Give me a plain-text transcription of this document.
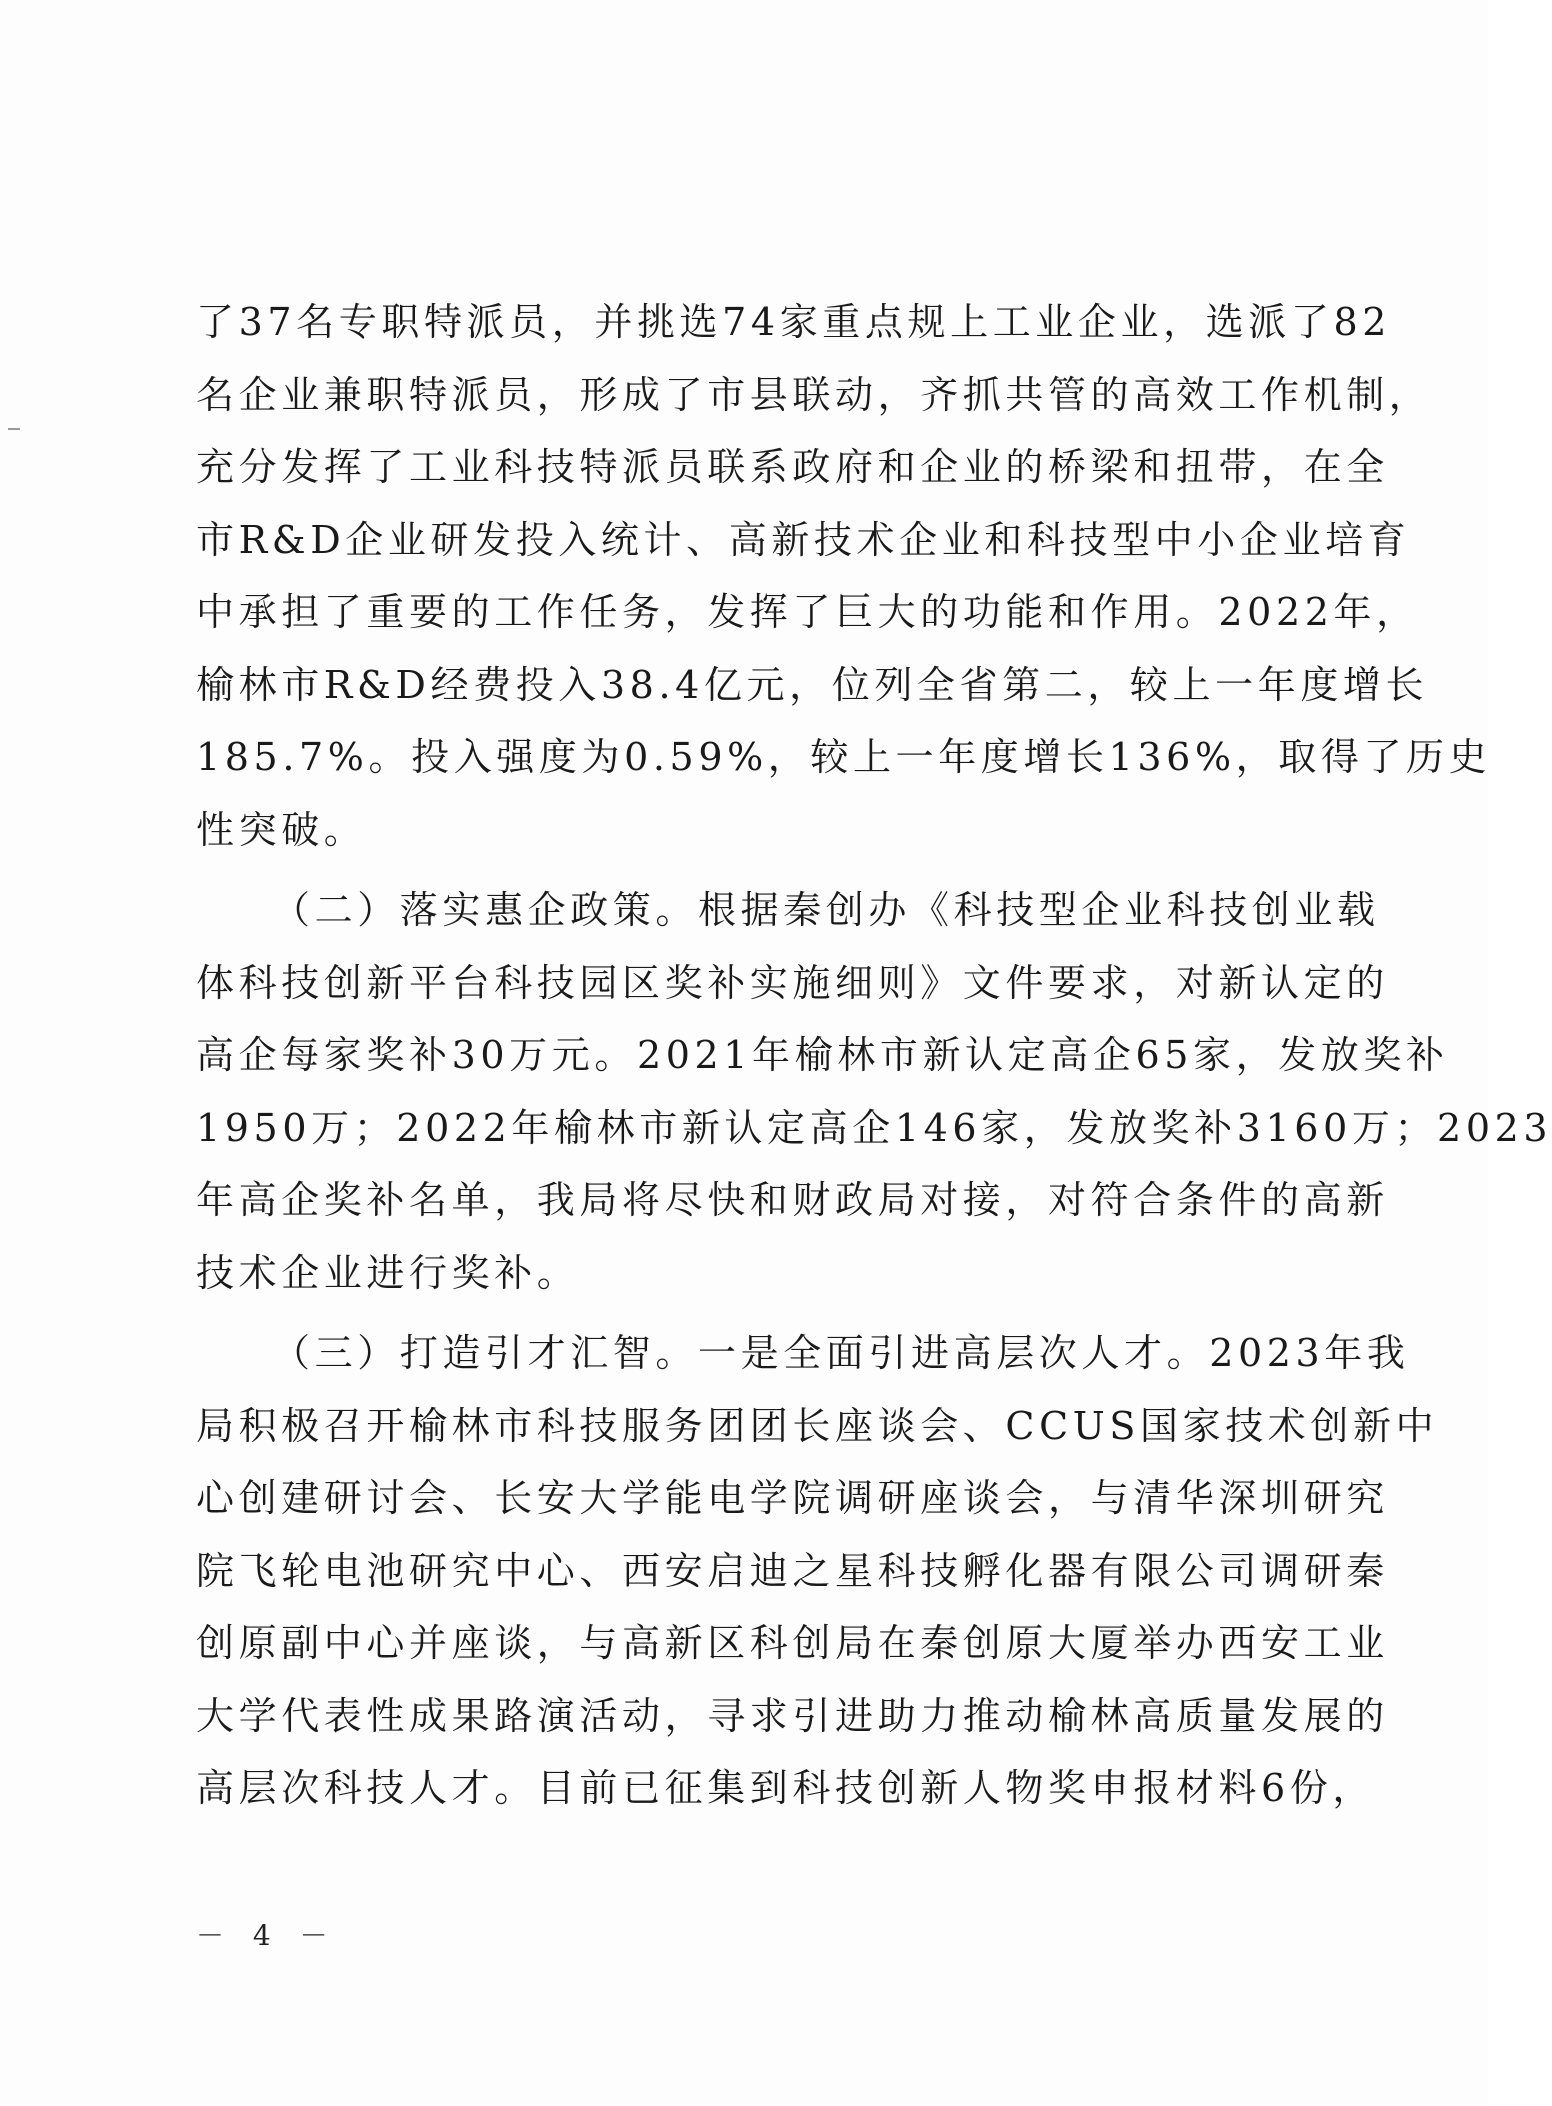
了37名专职特派员，并挑选74家重点规上工业企业，选派了82
名企业兼职特派员，形成了市县联动，齐抓共管的高效工作机制，
充分发挥了工业科技特派员联系政府和企业的桥梁和扭带，在全
市R&D企业研发投入统计、高新技术企业和科技型中小企业培育
中承担了重要的工作任务，发挥了巨大的功能和作用。2022年，
榆林市R&D经费投入38.4亿元，位列全省第二，较上一年度增长
185.7%。投入强度为0.59%，较上一年度增长136%，取得了历史
性突破。
（二）落实惠企政策。根据秦创办《科技型企业科技创业载
体科技创新平台科技园区奖补实施细则》文件要求，对新认定的
高企每家奖补30万元。2021年榆林市新认定高企65家，发放奖补
1950万；2022年榆林市新认定高企146家，发放奖补3160万；2023
年高企奖补名单，我局将尽快和财政局对接，对符合条件的高新
技术企业进行奖补。
（三）打造引才汇智。一是全面引进高层次人才。2023年我
局积极召开榆林市科技服务团团长座谈会、CCUS国家技术创新中
心创建研讨会、长安大学能电学院调研座谈会，与清华深圳研究
院飞轮电池研究中心、西安启迪之星科技孵化器有限公司调研秦
创原副中心并座谈，与高新区科创局在秦创原大厦举办西安工业
大学代表性成果路演活动，寻求引进助力推动榆林高质量发展的
高层次科技人才。目前已征集到科技创新人物奖申报材料6份，
－ 4 －
